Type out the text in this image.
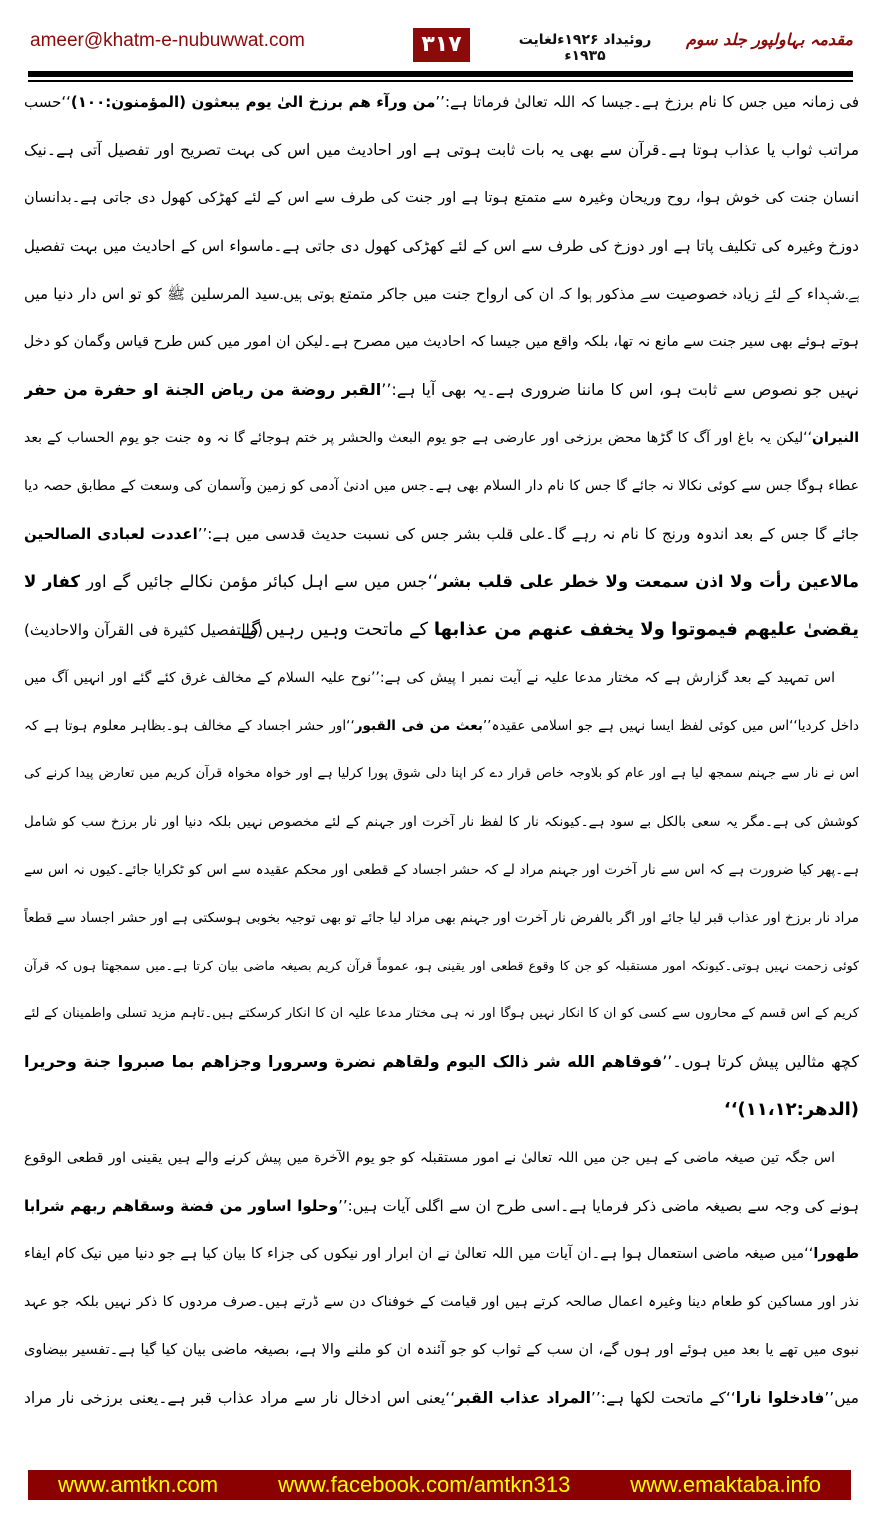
ameer@khatm-e-nubuwwat.com	۳۱۷	روئیداد ۱۹۲۶ءلغایت ۱۹۳۵ء
مقدمہ بہاولپور جلد سوم
فی زمانہ میں جس کا نام برزخ ہے۔جیسا کہ اللہ تعالیٰ فرماتا ہے:’’من ورآء هم برزخ الیٰ یوم یبعثون (المؤمنون:۱۰۰)‘‘حسب
مراتب ثواب یا عذاب ہوتا ہے۔قرآن سے بھی یہ بات ثابت ہوتی ہے اور احادیث میں اس کی بہت تصریح اور تفصیل آتی ہے۔نیک
انسان جنت کی خوش ہوا، روح وریحان وغیرہ سے متمتع ہوتا ہے اور جنت کی طرف سے اس کے لئے کھڑکی کھول دی جاتی ہے۔بدانسان
دوزخ وغیرہ کی تکلیف پاتا ہے اور دوزخ کی طرف سے اس کے لئے کھڑکی کھول دی جاتی ہے۔ماسواء اس کے احادیث میں بہت تفصیل
ہے۔شہداء کے لئے زیادہ خصوصیت سے مذکور ہوا کہ ان کی ارواح جنت میں جاکر متمتع ہوتی ہیں۔سید المرسلین ﷺ کو تو اس دار دنیا میں
ہوتے ہوئے بھی سیر جنت سے مانع نہ تھا، بلکہ واقع میں جیسا کہ احادیث میں مصرح ہے۔لیکن ان امور میں کس طرح قیاس وگمان کو دخل
نہیں جو نصوص سے ثابت ہو، اس کا ماننا ضروری ہے۔یہ بھی آیا ہے:’’القبر روضة من ریاض الجنة او حفرة من حفر
النیران‘‘لیکن یہ باغ اور آگ کا گڑھا محض برزخی اور عارضی ہے جو یوم البعث والحشر پر ختم ہوجائے گا نہ وہ جنت جو یوم الحساب کے بعد
عطاء ہوگا جس سے کوئی نکالا نہ جائے گا جس کا نام دار السلام بھی ہے۔جس میں ادنیٰ آدمی کو زمین وآسمان کی وسعت کے مطابق حصہ دیا
جائے گا جس کے بعد اندوہ ورنج کا نام نہ رہے گا۔علی قلب بشر جس کی نسبت حدیث قدسی میں ہے:’’اعددت لعبادی الصالحین
مالاعین رأت ولا اذن سمعت ولا خطر علی قلب بشر‘‘جس میں سے اہل کبائر مؤمن نکالے جائیں گے اور کفار لا
(والتفصیل کثیرة فی القرآن والاحادیث)	یقضیٰ علیهم فیموتوا ولا یخفف عنهم من عذابها کے ماتحت وہیں رہیں گے۔
اس تمہید کے بعد گزارش ہے کہ مختار مدعا علیہ نے آیت نمبر ا پیش کی ہے:’’نوح علیہ السلام کے مخالف غرق کئے گئے اور انہیں آگ میں
داخل کردیا‘‘اس میں کوئی لفظ ایسا نہیں ہے جو اسلامی عقیدہ’’بعث من فی القبور‘‘اور حشر اجساد کے مخالف ہو۔بظاہر معلوم ہوتا ہے کہ
اس نے نار سے جہنم سمجھ لیا ہے اور عام کو بلاوجہ خاص قرار دے کر اپنا دلی شوق پورا کرلیا ہے اور خواہ مخواہ قرآن کریم میں تعارض پیدا کرنے کی
کوشش کی ہے۔مگر یہ سعی بالکل بے سود ہے۔کیونکہ نار کا لفظ نار آخرت اور جہنم کے لئے مخصوص نہیں بلکہ دنیا اور نار برزخ سب کو شامل
ہے۔پھر کیا ضرورت ہے کہ اس سے نار آخرت اور جہنم مراد لے کہ حشر اجساد کے قطعی اور محکم عقیدہ سے اس کو ٹکرایا جائے۔کیوں نہ اس سے
مراد نار برزخ اور عذاب قبر لیا جائے اور اگر بالفرض نار آخرت اور جہنم بھی مراد لیا جائے تو بھی توجیہ بخوبی ہوسکتی ہے اور حشر اجساد سے قطعاً
کوئی زحمت نہیں ہوتی۔کیونکہ امور مستقبلہ کو جن کا وقوع قطعی اور یقینی ہو، عموماً قرآن کریم بصیغہ ماضی بیان کرتا ہے۔میں سمجھتا ہوں کہ قرآن
کریم کے اس قسم کے محاروں سے کسی کو ان کا انکار نہیں ہوگا اور نہ ہی مختار مدعا علیہ ان کا انکار کرسکتے ہیں۔تاہم مزید تسلی واطمینان کے لئے
کچھ مثالیں پیش کرتا ہوں۔’’فوقاهم الله شر ذالک الیوم ولقاهم نضرة وسرورا وجزاهم بما صبروا جنة وحریرا
(الدھر:۱۱،۱۲)‘‘
اس جگہ تین صیغہ ماضی کے ہیں جن میں اللہ تعالیٰ نے امور مستقبلہ کو جو یوم الآخرة میں پیش کرنے والے ہیں یقینی اور قطعی الوقوع
ہونے کی وجہ سے بصیغہ ماضی ذکر فرمایا ہے۔اسی طرح ان سے اگلی آیات ہیں:’’وحلوا اساور من فضة وسقاهم ربهم شرابا
طهورا‘‘میں صیغہ ماضی استعمال ہوا ہے۔ان آیات میں اللہ تعالیٰ نے ان ابرار اور نیکوں کی جزاء کا بیان کیا ہے جو دنیا میں نیک کام ایفاء
نذر اور مساکین کو طعام دینا وغیرہ اعمال صالحہ کرتے ہیں اور قیامت کے خوفناک دن سے ڈرتے ہیں۔صرف مردوں کا ذکر نہیں بلکہ جو عہد
نبوی میں تھے یا بعد میں ہوئے اور ہوں گے، ان سب کے ثواب کو جو آئندہ ان کو ملنے والا ہے، بصیغہ ماضی بیان کیا گیا ہے۔تفسیر بیضاوی
میں’’فادخلوا نارا‘‘کے ماتحت لکھا ہے:’’المراد عذاب القبر‘‘یعنی اس ادخال نار سے مراد عذاب قبر ہے۔یعنی برزخی نار مراد
www.amtkn.com	www.facebook.com/amtkn313	www.emaktaba.info
